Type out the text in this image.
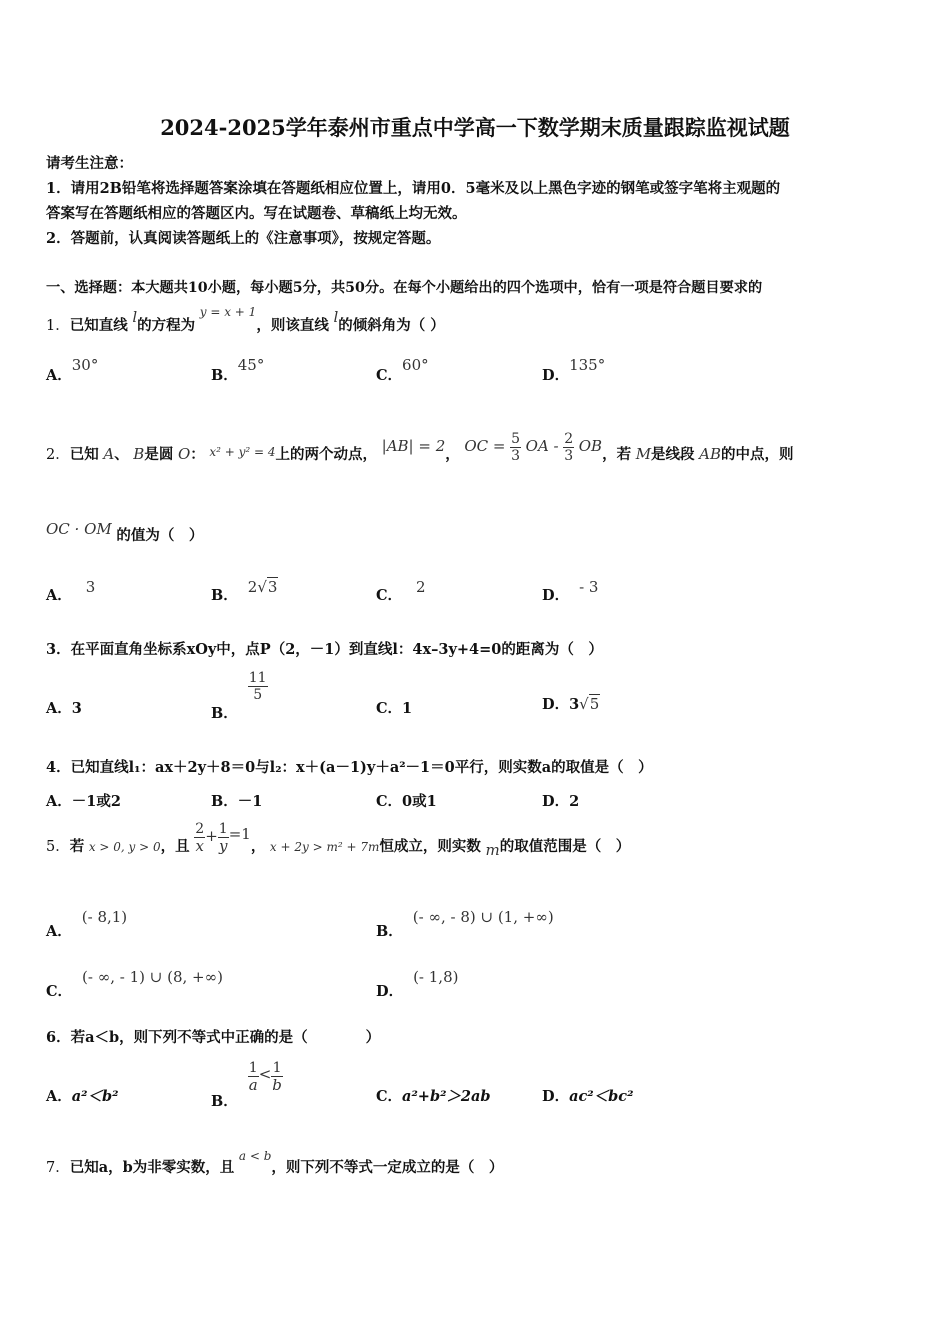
2024-2025学年泰州市重点中学高一下数学期末质量跟踪监视试题
请考生注意：
1．请用2B铅笔将选择题答案涂填在答题纸相应位置上，请用0．5毫米及以上黑色字迹的钢笔或签字笔将主观题的
答案写在答题纸相应的答题区内。写在试题卷、草稿纸上均无效。
2．答题前，认真阅读答题纸上的《注意事项》，按规定答题。
一、选择题：本大题共10小题，每小题5分，共50分。在每个小题给出的四个选项中，恰有一项是符合题目要求的
1．已知直线 l的方程为 $^{y = x + 1}$，则该直线 l的倾斜角为（ ）
A．30°
B．45°
C．60°
D．135°
2．已知 A、 B是圆 O： $^{x^2 + y^2 = 4}$上的两个动点， |AB| = 2， OC = $\frac{5}{3}$ OA - $\frac{2}{3}$ OB，若 M是线段 AB的中点，则
OC · OM 的值为（　）
A． 3	B． 2√3	C． 2	D． - 3
3．在平面直角坐标系xOy中，点P（2，－1）到直线l：4x–3y+4=0的距离为（　）
A．3	B．
$\frac{11}{5}$
C．1	D．3√5
4．已知直线l₁：ax＋2y＋8＝0与l₂：x＋(a－1)y＋a²－1＝0平行，则实数a的取值是（　）
A．－1或2	B．－1	C．0或1	D．2
5．若 x > 0, y > 0，且 $\frac{2}{x} + \frac{1}{y} =1$， x + 2y > m² + 7m恒成立，则实数 m的取值范围是（　）
A．(- 8,1)
B．(- ∞, - 8) ∪ (1, +∞)
C．(- ∞, - 1) ∪ (8, +∞)
D．(- 1,8)
6．若a＜b，则下列不等式中正确的是（　　　　）
A．a²＜b²	B．
$\frac{1}{a} < \frac{1}{b}$
C．a²+b²＞2ab	D．ac²＜bc²
7．已知a，b为非零实数，且 $^{a < b}$，则下列不等式一定成立的是（　）
